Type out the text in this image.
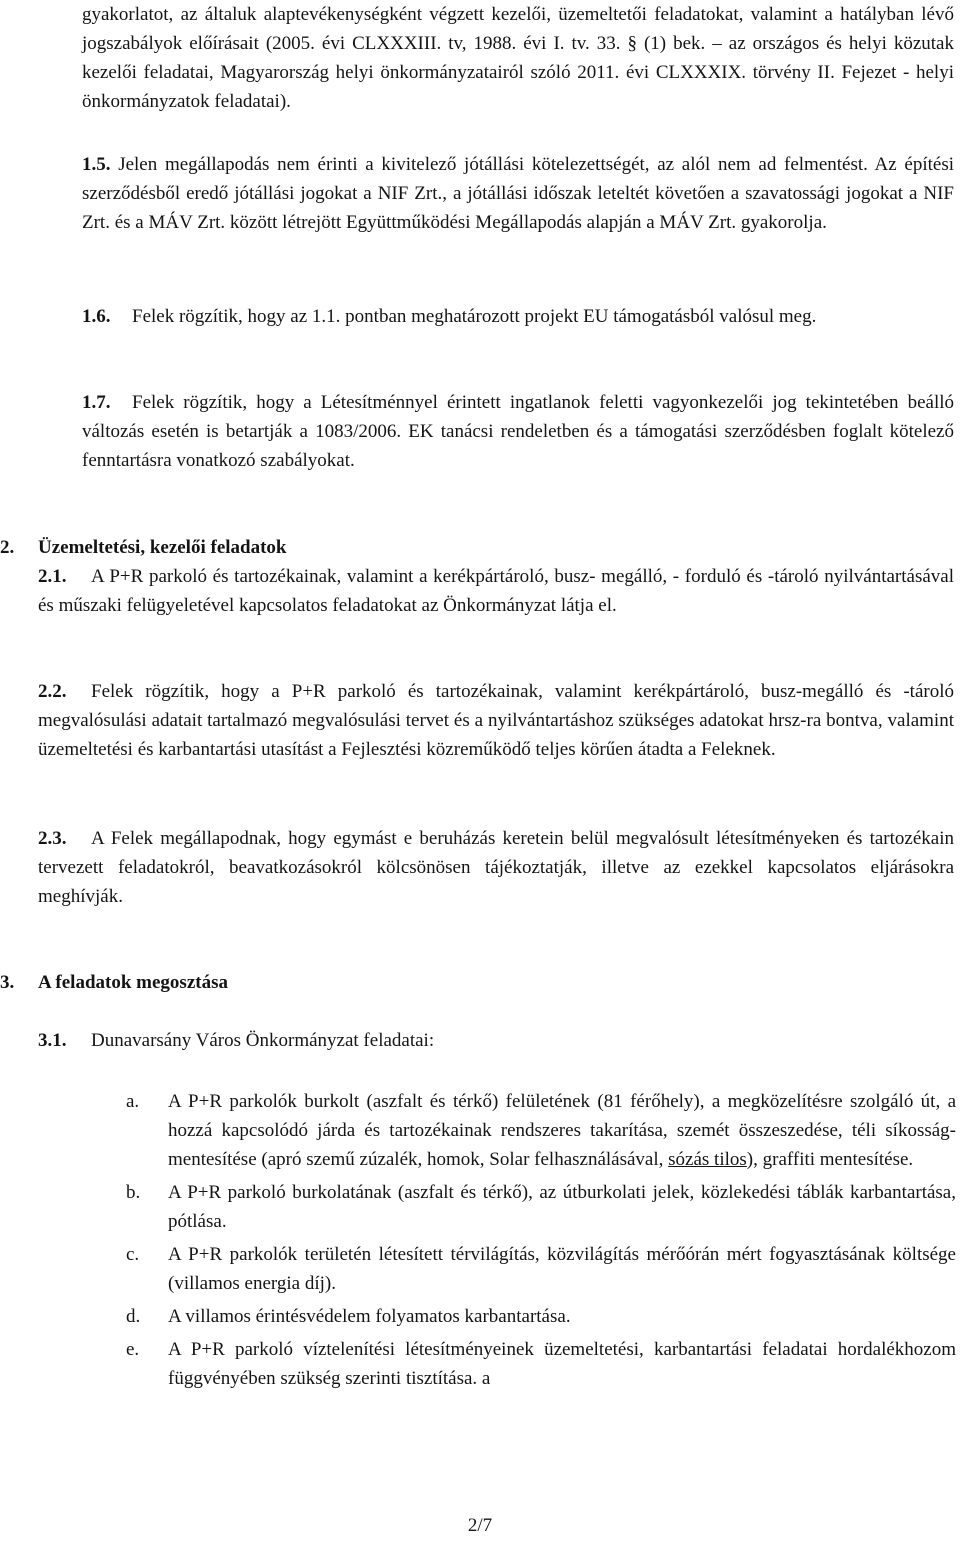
gyakorlatot, az általuk alaptevékenységként végzett kezelői, üzemeltetői feladatokat, valamint a hatályban lévő jogszabályok előírásait (2005. évi CLXXXIII. tv, 1988. évi I. tv. 33. § (1) bek. – az országos és helyi közutak kezelői feladatai, Magyarország helyi önkormányzatairól szóló 2011. évi CLXXXIX. törvény II. Fejezet - helyi önkormányzatok feladatai).

1.5. Jelen megállapodás nem érinti a kivitelező jótállási kötelezettségét, az alól nem ad felmentést. Az építési szerződésből eredő jótállási jogokat a NIF Zrt., a jótállási időszak leteltét követően a szavatossági jogokat a NIF Zrt. és a MÁV Zrt. között létrejött Együttműködési Megállapodás alapján a MÁV Zrt. gyakorolja.

1.6. Felek rögzítik, hogy az 1.1. pontban meghatározott projekt EU támogatásból valósul meg.

1.7. Felek rögzítik, hogy a Létesítménnyel érintett ingatlanok feletti vagyonkezelői jog tekintetében beálló változás esetén is betartják a 1083/2006. EK tanácsi rendeletben és a támogatási szerződésben foglalt kötelező fenntartásra vonatkozó szabályokat.

2. Üzemeltetési, kezelői feladatok

2.1. A P+R parkoló és tartozékainak, valamint a kerékpártároló, busz- megálló, - forduló és -tároló nyilvántartásával és műszaki felügyeletével kapcsolatos feladatokat az Önkormányzat látja el.

2.2. Felek rögzítik, hogy a P+R parkoló és tartozékainak, valamint kerékpártároló, busz-megálló és -tároló megvalósulási adatait tartalmazó megvalósulási tervet és a nyilvántartáshoz szükséges adatokat hrsz-ra bontva, valamint üzemeltetési és karbantartási utasítást a Fejlesztési közreműködő teljes körűen átadta a Feleknek.

2.3. A Felek megállapodnak, hogy egymást e beruházás keretein belül megvalósult létesítményeken és tartozékain tervezett feladatokról, beavatkozásokról kölcsönösen tájékoztatják, illetve az ezekkel kapcsolatos eljárásokra meghívják.

3. A feladatok megosztása

3.1. Dunavarsány Város Önkormányzat feladatai:

a. A P+R parkolók burkolt (aszfalt és térkő) felületének (81 férőhely), a megközelítésre szolgáló út, a hozzá kapcsolódó járda és tartozékainak rendszeres takarítása, szemét összeszedése, téli síkosság-mentesítése (apró szemű zúzalék, homok, Solar felhasználásával, sózás tilos), graffiti mentesítése.
b. A P+R parkoló burkolatának (aszfalt és térkő), az útburkolati jelek, közlekedési táblák karbantartása, pótlása.
c. A P+R parkolók területén létesített térvilágítás, közvilágítás mérőórán mért fogyasztásának költsége (villamos energia díj).
d. A villamos érintésvédelem folyamatos karbantartása.
e. A P+R parkoló víztelenítési létesítményeinek üzemeltetési, karbantartási feladatai hordalékhozom függvényében szükség szerinti tisztítása. a
2/7
